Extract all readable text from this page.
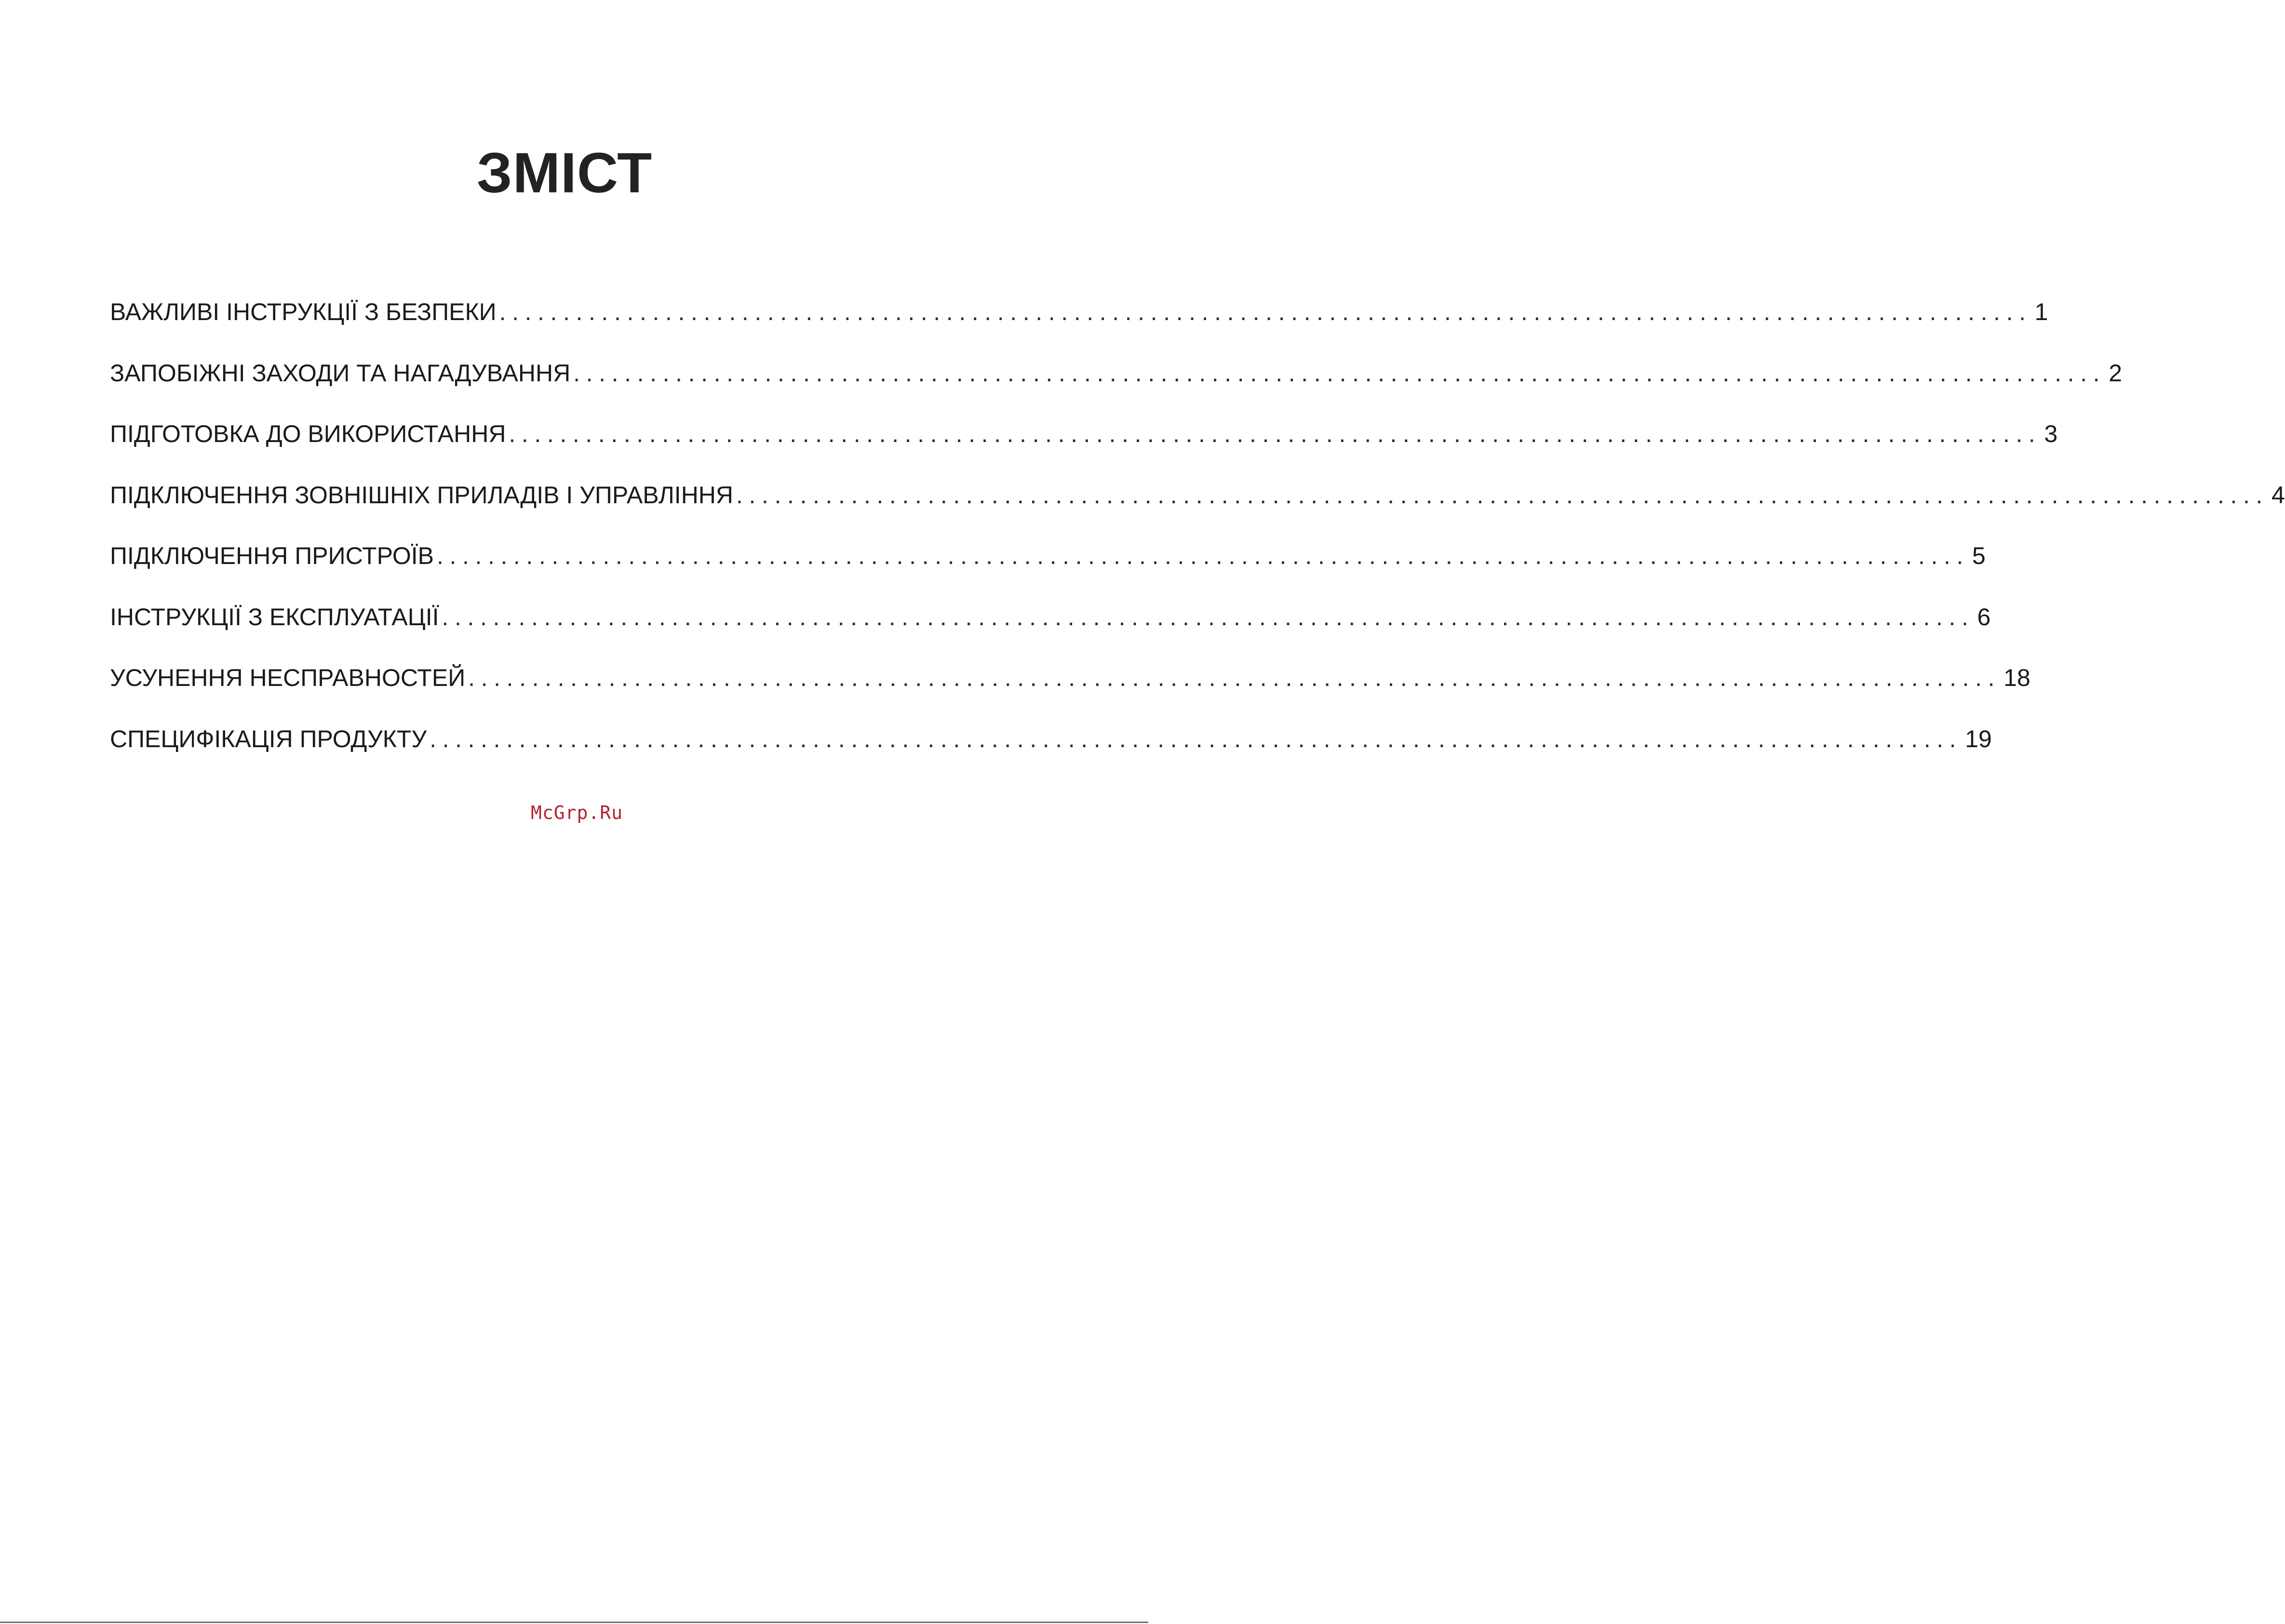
ЗМІСТ
ВАЖЛИВІ ІНСТРУКЦІЇ З БЕЗПЕКИ ........................................................................................................................ 1
ЗАПОБІЖНІ ЗАХОДИ ТА НАГАДУВАННЯ ........................................................................................................................ 2
ПІДГОТОВКА ДО ВИКОРИСТАННЯ ........................................................................................................................ 3
ПІДКЛЮЧЕННЯ ЗОВНІШНІХ ПРИЛАДІВ І УПРАВЛІННЯ ........................................................................................................................ 4
ПІДКЛЮЧЕННЯ ПРИСТРОЇВ ........................................................................................................................ 5
ІНСТРУКЦІЇ З ЕКСПЛУАТАЦІЇ ........................................................................................................................ 6
УСУНЕННЯ НЕСПРАВНОСТЕЙ ........................................................................................................................ 18
СПЕЦИФІКАЦІЯ ПРОДУКТУ ........................................................................................................................ 19
McGrp.Ru
